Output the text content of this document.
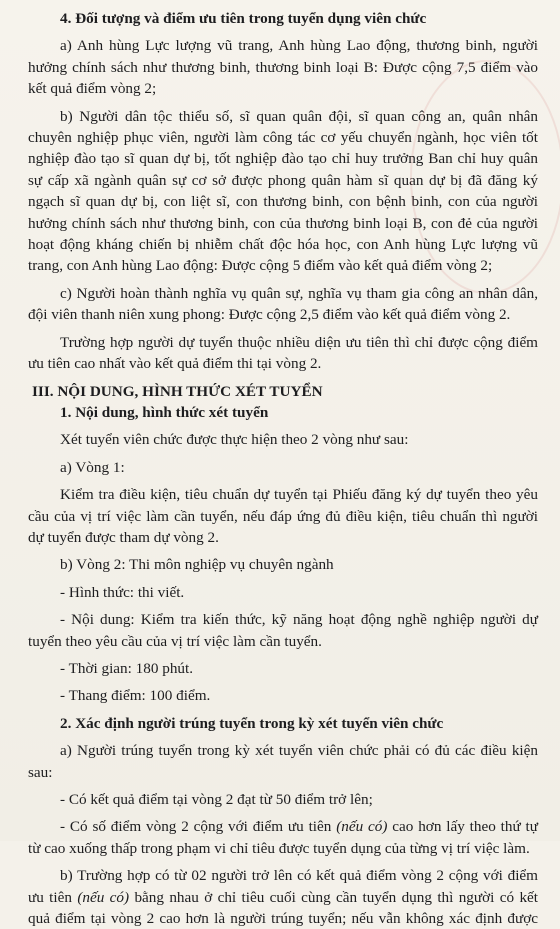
4. Đối tượng và điểm ưu tiên trong tuyển dụng viên chức

a) Anh hùng Lực lượng vũ trang, Anh hùng Lao động, thương binh, người

hưởng chính sách như thương binh, thương binh loại B: Được cộng 7,5 điểm vào

kết quả điểm vòng 2;

b) Người dân tộc thiểu số, sĩ quan quân đội, sĩ quan công an, quân nhân

chuyên nghiệp phục viên, người làm công tác cơ yếu chuyển ngành, học viên tốt

nghiệp đào tạo sĩ quan dự bị, tốt nghiệp đào tạo chỉ huy trưởng Ban chỉ huy quân

sự cấp xã ngành quân sự cơ sở được phong quân hàm sĩ quan dự bị đã đăng ký

ngạch sĩ quan dự bị, con liệt sĩ, con thương binh, con bệnh binh, con của người

hưởng chính sách như thương binh, con của thương binh loại B, con đẻ của người

hoạt động kháng chiến bị nhiễm chất độc hóa học, con Anh hùng Lực lượng vũ

trang, con Anh hùng Lao động: Được cộng 5 điểm vào kết quả điểm vòng 2;

c) Người hoàn thành nghĩa vụ quân sự, nghĩa vụ tham gia công an nhân dân,

đội viên thanh niên xung phong: Được cộng 2,5 điểm vào kết quả điểm vòng 2.

Trường hợp người dự tuyển thuộc nhiều diện ưu tiên thì chỉ được cộng điểm

ưu tiên cao nhất vào kết quả điểm thi tại vòng 2.

III. NỘI DUNG, HÌNH THỨC XÉT TUYỂN

1. Nội dung, hình thức xét tuyển

Xét tuyển viên chức được thực hiện theo 2 vòng như sau:

a) Vòng 1:

Kiểm tra điều kiện, tiêu chuẩn dự tuyển tại Phiếu đăng ký dự tuyển theo yêu

cầu của vị trí việc làm cần tuyển, nếu đáp ứng đủ điều kiện, tiêu chuẩn thì người

dự tuyển được tham dự vòng 2.

b) Vòng 2: Thi môn nghiệp vụ chuyên ngành

- Hình thức: thi viết.

- Nội dung: Kiểm tra kiến thức, kỹ năng hoạt động nghề nghiệp người dự

tuyển theo yêu cầu của vị trí việc làm cần tuyển.

- Thời gian: 180 phút.

- Thang điểm: 100 điểm.

2. Xác định người trúng tuyển trong kỳ xét tuyển viên chức

a) Người trúng tuyển trong kỳ xét tuyển viên chức phải có đủ các điều kiện

sau:

- Có kết quả điểm tại vòng 2 đạt từ 50 điểm trở lên;

- Có số điểm vòng 2 cộng với điểm ưu tiên (nếu có) cao hơn lấy theo thứ tự

từ cao xuống thấp trong phạm vi chỉ tiêu được tuyển dụng của từng vị trí việc làm.

b) Trường hợp có từ 02 người trở lên có kết quả điểm vòng 2 cộng với điểm

ưu tiên (nếu có) bằng nhau ở chỉ tiêu cuối cùng cần tuyển dụng thì người có kết

quả điểm tại vòng 2 cao hơn là người trúng tuyển; nếu vẫn không xác định được
